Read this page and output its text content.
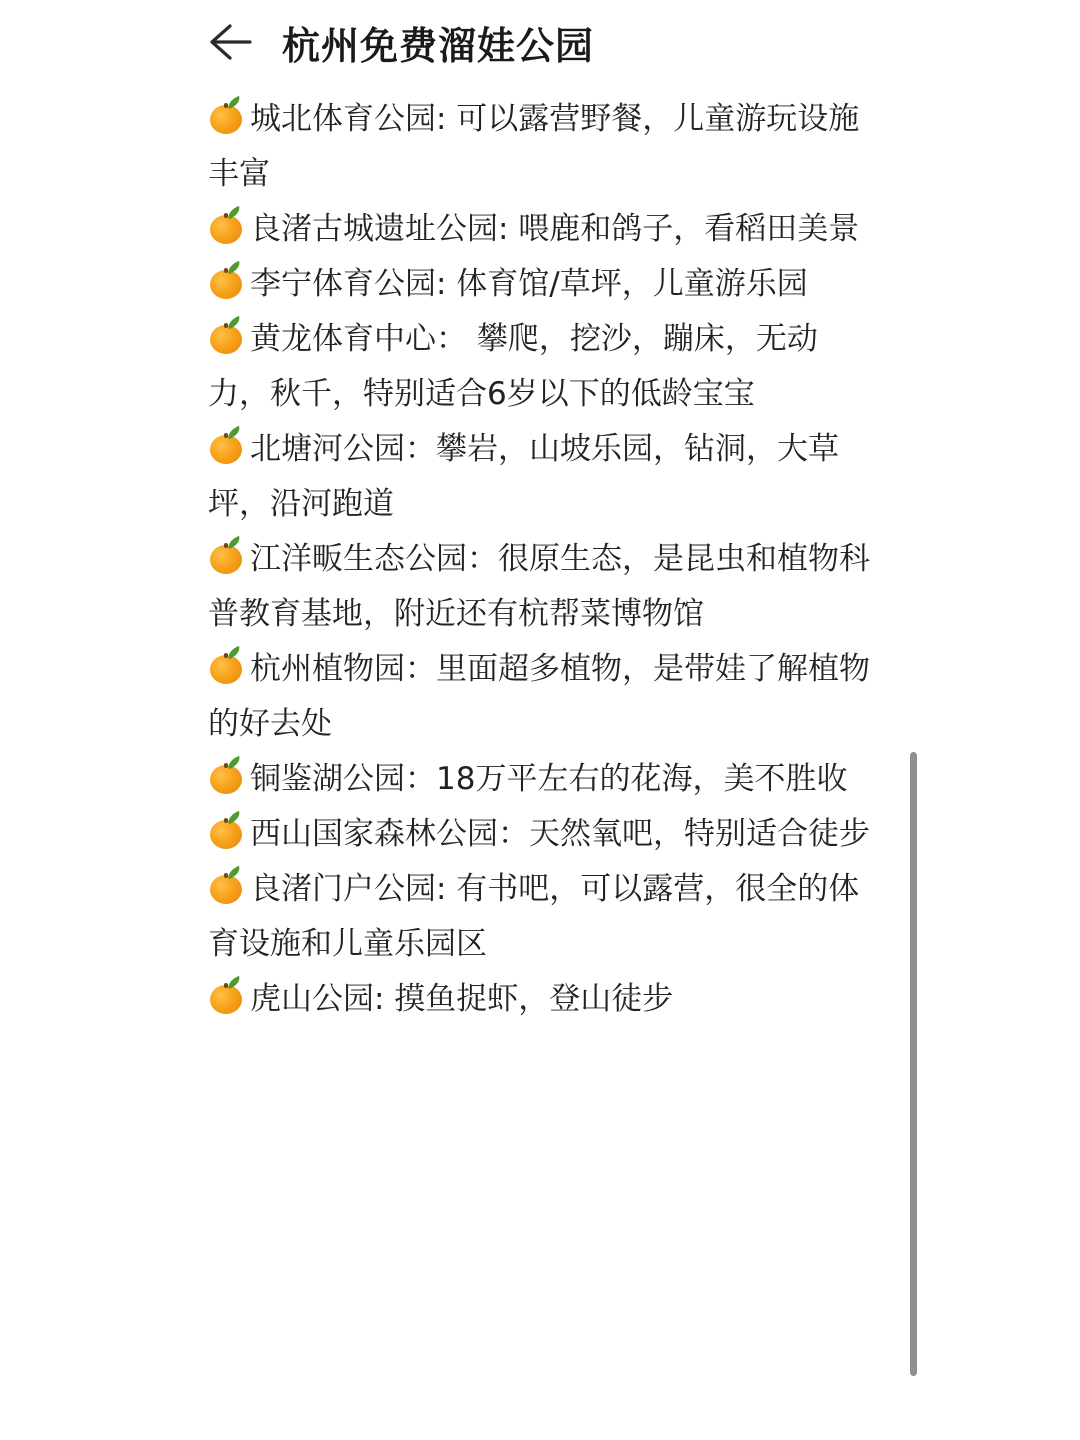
杭州免费溜娃公园

城北体育公园: 可以露营野餐，儿童游玩设施丰富

良渚古城遗址公园: 喂鹿和鸽子，看稻田美景

李宁体育公园: 体育馆/草坪，儿童游乐园

黄龙体育中心： 攀爬，挖沙，蹦床，无动力，秋千，特别适合6岁以下的低龄宝宝

北塘河公园：攀岩，山坡乐园，钻洞，大草坪，沿河跑道

江洋畈生态公园：很原生态，是昆虫和植物科普教育基地，附近还有杭帮菜博物馆

杭州植物园：里面超多植物，是带娃了解植物的好去处

铜鉴湖公园：18万平左右的花海，美不胜收

西山国家森林公园：天然氧吧，特别适合徒步

良渚门户公园: 有书吧，可以露营，很全的体育设施和儿童乐园区

虎山公园: 摸鱼捉虾，登山徒步
